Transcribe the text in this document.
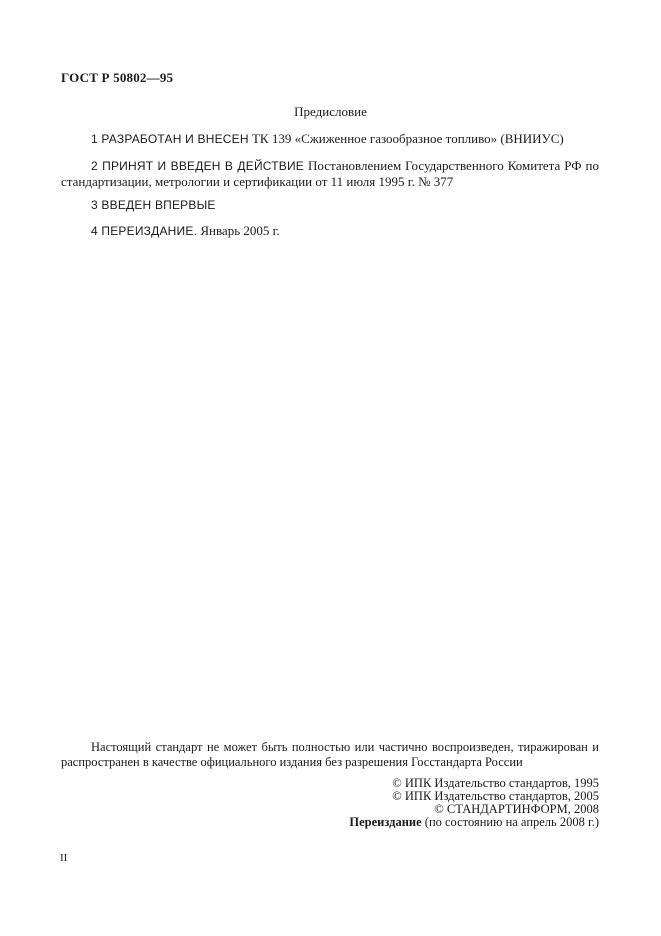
ГОСТ Р 50802—95
Предисловие
1 РАЗРАБОТАН И ВНЕСЕН ТК 139 «Сжиженное газообразное топливо» (ВНИИУС)
2 ПРИНЯТ И ВВЕДЕН В ДЕЙСТВИЕ Постановлением Государственного Комитета РФ по стандартизации, метрологии и сертификации от 11 июля 1995 г. № 377
3 ВВЕДЕН ВПЕРВЫЕ
4 ПЕРЕИЗДАНИЕ. Январь 2005 г.
Настоящий стандарт не может быть полностью или частично воспроизведен, тиражирован и распространен в качестве официального издания без разрешения Госстандарта России
© ИПК Издательство стандартов, 1995
© ИПК Издательство стандартов, 2005
© СТАНДАРТИНФОРМ, 2008
Переиздание (по состоянию на апрель 2008 г.)
II
